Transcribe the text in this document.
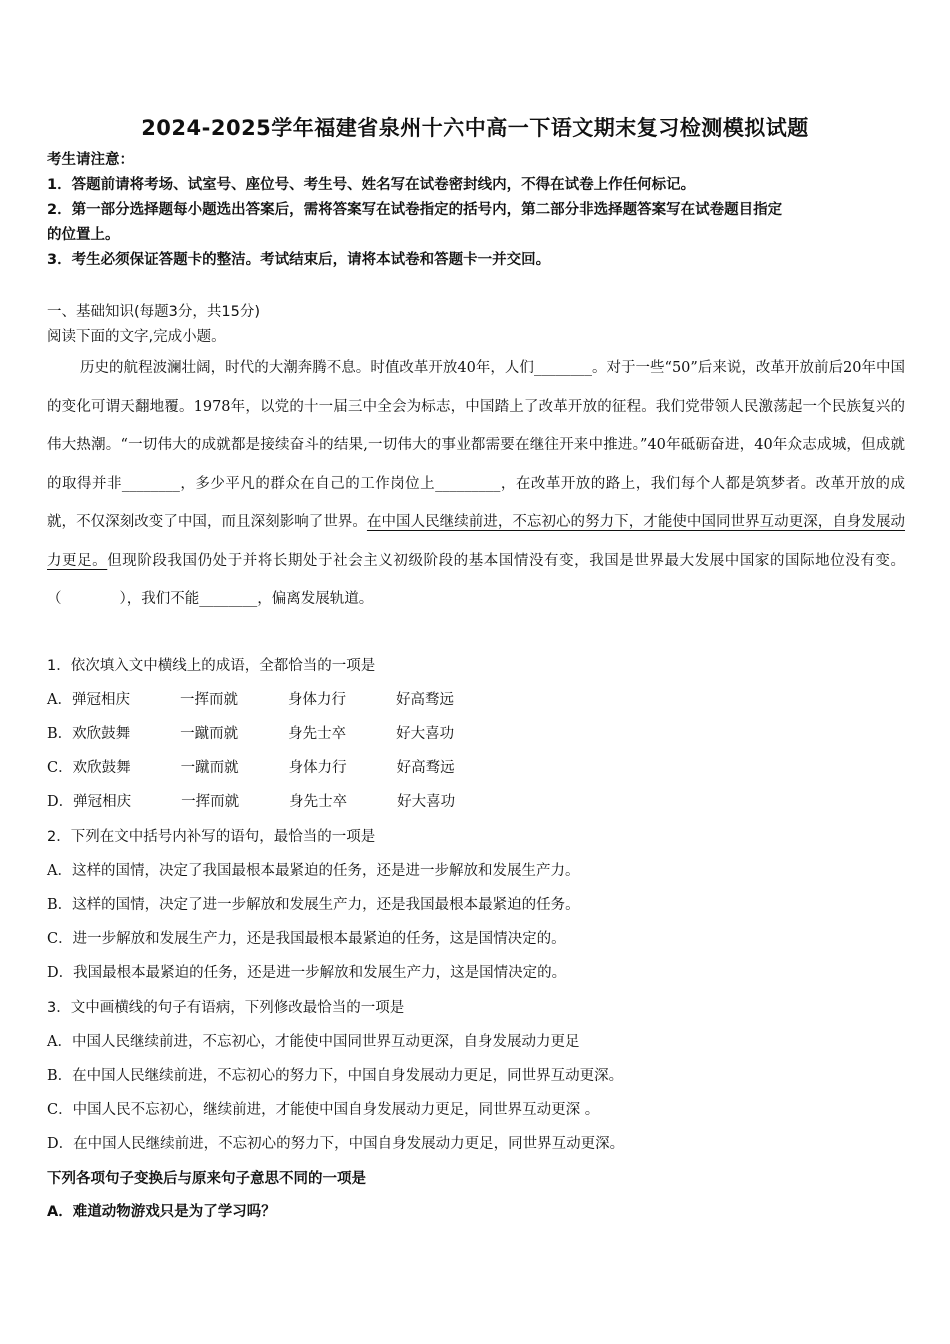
2024-2025学年福建省泉州十六中高一下语文期末复习检测模拟试题
考生请注意：
1．答题前请将考场、试室号、座位号、考生号、姓名写在试卷密封线内，不得在试卷上作任何标记。
2．第一部分选择题每小题选出答案后，需将答案写在试卷指定的括号内，第二部分非选择题答案写在试卷题目指定
的位置上。
3．考生必须保证答题卡的整洁。考试结束后，请将本试卷和答题卡一并交回。
一、基础知识(每题3分，共15分)
阅读下面的文字,完成小题。
历史的航程波澜壮阔，时代的大潮奔腾不息。时值改革开放40年，人们________。对于一些“50”后来说，改革开放前后20年中国的变化可谓天翻地覆。1978年，以党的十一届三中全会为标志，中国踏上了改革开放的征程。我们党带领人民激荡起一个民族复兴的伟大热潮。“一切伟大的成就都是接续奋斗的结果,一切伟大的事业都需要在继往开来中推进。”40年砥砺奋进，40年众志成城，但成就的取得并非________，多少平凡的群众在自己的工作岗位上_________，在改革开放的路上，我们每个人都是筑梦者。改革开放的成就，不仅深刻改变了中国，而且深刻影响了世界。在中国人民继续前进，不忘初心的努力下，才能使中国同世界互动更深，自身发展动力更足。但现阶段我国仍处于并将长期处于社会主义初级阶段的基本国情没有变，我国是世界最大发展中国家的国际地位没有变。（　　　　），我们不能________，偏离发展轨道。
1．依次填入文中横线上的成语，全都恰当的一项是
A．弹冠相庆	一挥而就	身体力行	好高骛远
B．欢欣鼓舞	一蹴而就	身先士卒	好大喜功
C．欢欣鼓舞	一蹴而就	身体力行	好高骛远
D．弹冠相庆	一挥而就	身先士卒	好大喜功
2．下列在文中括号内补写的语句，最恰当的一项是
A．这样的国情，决定了我国最根本最紧迫的任务，还是进一步解放和发展生产力。
B．这样的国情，决定了进一步解放和发展生产力，还是我国最根本最紧迫的任务。
C．进一步解放和发展生产力，还是我国最根本最紧迫的任务，这是国情决定的。
D．我国最根本最紧迫的任务，还是进一步解放和发展生产力，这是国情决定的。
3．文中画横线的句子有语病，下列修改最恰当的一项是
A．中国人民继续前进，不忘初心，才能使中国同世界互动更深，自身发展动力更足
B．在中国人民继续前进，不忘初心的努力下，中国自身发展动力更足，同世界互动更深。
C．中国人民不忘初心，继续前进，才能使中国自身发展动力更足，同世界互动更深 。
D．在中国人民继续前进，不忘初心的努力下，中国自身发展动力更足，同世界互动更深。
下列各项句子变换后与原来句子意思不同的一项是
A．难道动物游戏只是为了学习吗？
